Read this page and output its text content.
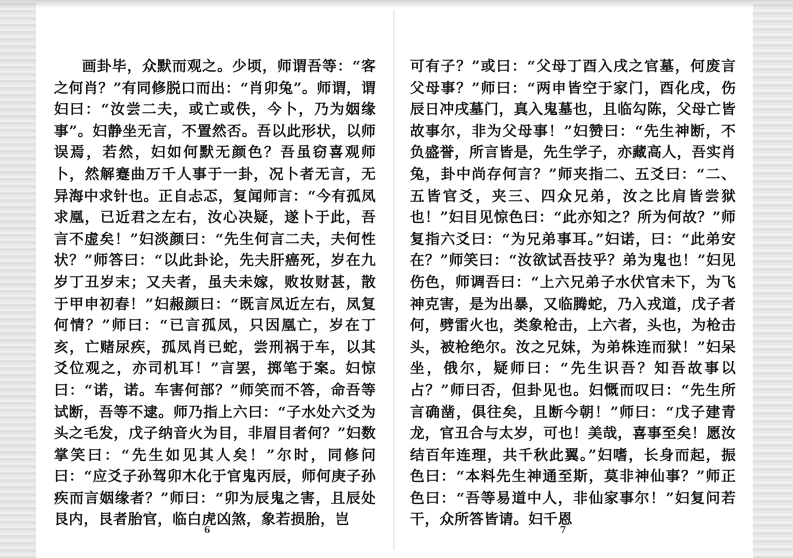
画卦毕，众默而观之。少顷，师谓吾等：“客之何肖？”有同修脱口而出：“肖卯兔”。师谓，谓妇曰：“汝尝二夫，或亡或佚，今卜，乃为姻缘事”。妇静坐无言，不置然否。吾以此形状，以师误焉，若然，妇如何默无颜色？吾虽窃喜观师卜，然解蹇曲万千人事于一卦，况卜者无言，无异海中求针也。正自忐忑，复闻师言：“今有孤凤求凰，已近君之左右，汝心决疑，遂卜于此，吾言不虚矣！”妇淡颜曰：“先生何言二夫，夫何性状？”师答曰：“以此卦论，先夫肝癌死，岁在九岁丁丑岁末；又夫者，虽夫未嫁，败妆财甚，散于甲申初春！”妇赧颜曰：“既言凤近左右，凤复何情？”师曰：“已言孤凤，只因凰亡，岁在丁亥，亡赌尿疾，孤凤肖已蛇，尝刑祸于车，以其爻位观之，亦司机耳！”言罢，掷笔于案。妇惊曰：“诺，诺。车害何部？”师笑而不答，命吾等试断，吾等不逮。师乃指上六曰：“子水处六爻为头之毛发，戊子纳音火为目，非眉目者何？”妇数掌笑曰：“先生如见其人矣！”尔时，同修问曰：“应爻子孙驾卯木化于官鬼丙辰，师何庚子孙疾而言姻缘者？”师曰：“卯为辰鬼之害，且辰处艮内，艮者胎官，临白虎凶煞，象若损胎，岂

6

可有子？”或曰：“父母丁酉入戌之官墓，何废言父母事？”师曰：“两申皆空于家门，酉化戌，伤辰日冲戌墓门，真入鬼墓也，且临勾陈，父母亡皆故事尔，非为父母事！”妇赞曰：“先生神断，不负盛誉，所言皆是，先生学子，亦藏高人，吾实肖兔，卦中尚存何言？”师夹指二、五爻曰：“二、五皆官爻，夹三、四众兄弟，汝之比肩皆尝狱也！”妇目见惊色曰：“此亦知之？所为何故？”师复指六爻曰：“为兄弟事耳。”妇诺，曰：“此弟安在？”师笑曰：“汝欲试吾技乎？弟为鬼也！”妇见伤色，师调吾曰：“上六兄弟子水伏官未下，为飞神克害，是为出暴，又临腾蛇，乃入戎道，戊子者何，劈雷火也，类象枪击，上六者，头也，为枪击头，被枪绝尔。汝之兄妹，为弟株连而狱！”妇呆坐，俄尔，疑师曰：“先生识吾？知吾故事以占？”师曰否，但卦见也。妇慨而叹曰：“先生所言确凿，俱往矣，且断今朝！”师曰：“戊子建青龙，官丑合与太岁，可也！美哉，喜事至矣！愿汝结百年连理，共千秋此翼。”妇嗜，长身而起，振色曰：“本料先生神通至斯，莫非神仙事？”师正色曰：“吾等易道中人，非仙家事尔！”妇复问若干，众所答皆请。妇千恩

7
